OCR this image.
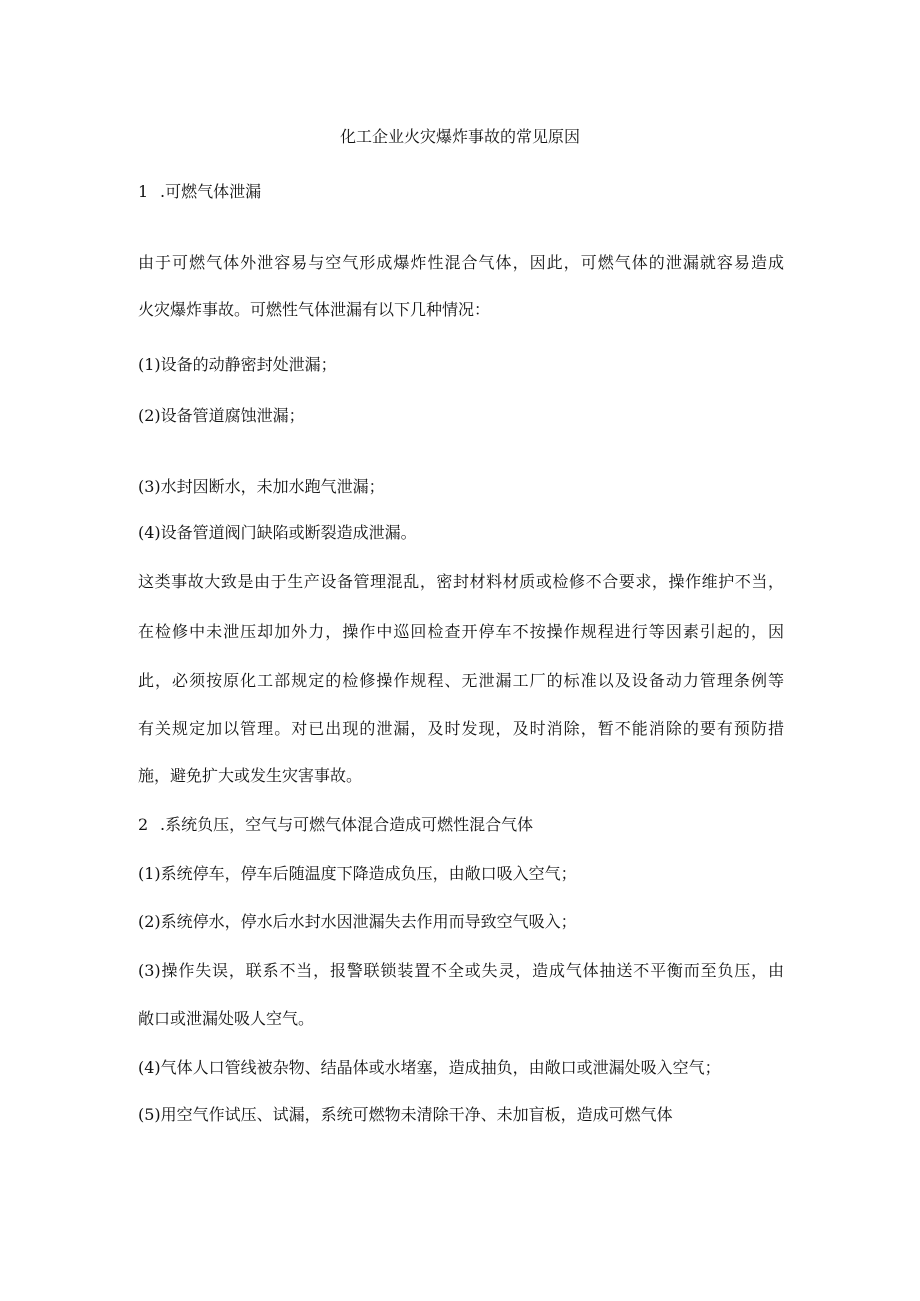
化工企业火灾爆炸事故的常见原因
1 .可燃气体泄漏
由于可燃气体外泄容易与空气形成爆炸性混合气体，因此，可燃气体的泄漏就容易造成
火灾爆炸事故。可燃性气体泄漏有以下几种情况：
(1)设备的动静密封处泄漏；
(2)设备管道腐蚀泄漏；
(3)水封因断水，未加水跑气泄漏；
(4)设备管道阀门缺陷或断裂造成泄漏。
这类事故大致是由于生产设备管理混乱，密封材料材质或检修不合要求，操作维护不当，
在检修中未泄压却加外力，操作中巡回检查开停车不按操作规程进行等因素引起的，因
此，必须按原化工部规定的检修操作规程、无泄漏工厂的标准以及设备动力管理条例等
有关规定加以管理。对已出现的泄漏，及时发现，及时消除，暂不能消除的要有预防措
施，避免扩大或发生灾害事故。
2 .系统负压，空气与可燃气体混合造成可燃性混合气体
(1)系统停车，停车后随温度下降造成负压，由敞口吸入空气；
(2)系统停水，停水后水封水因泄漏失去作用而导致空气吸入；
(3)操作失误，联系不当，报警联锁装置不全或失灵，造成气体抽送不平衡而至负压，由
敞口或泄漏处吸人空气。
(4)气体人口管线被杂物、结晶体或水堵塞，造成抽负，由敞口或泄漏处吸入空气；
(5)用空气作试压、试漏，系统可燃物未清除干净、未加盲板，造成可燃气体
